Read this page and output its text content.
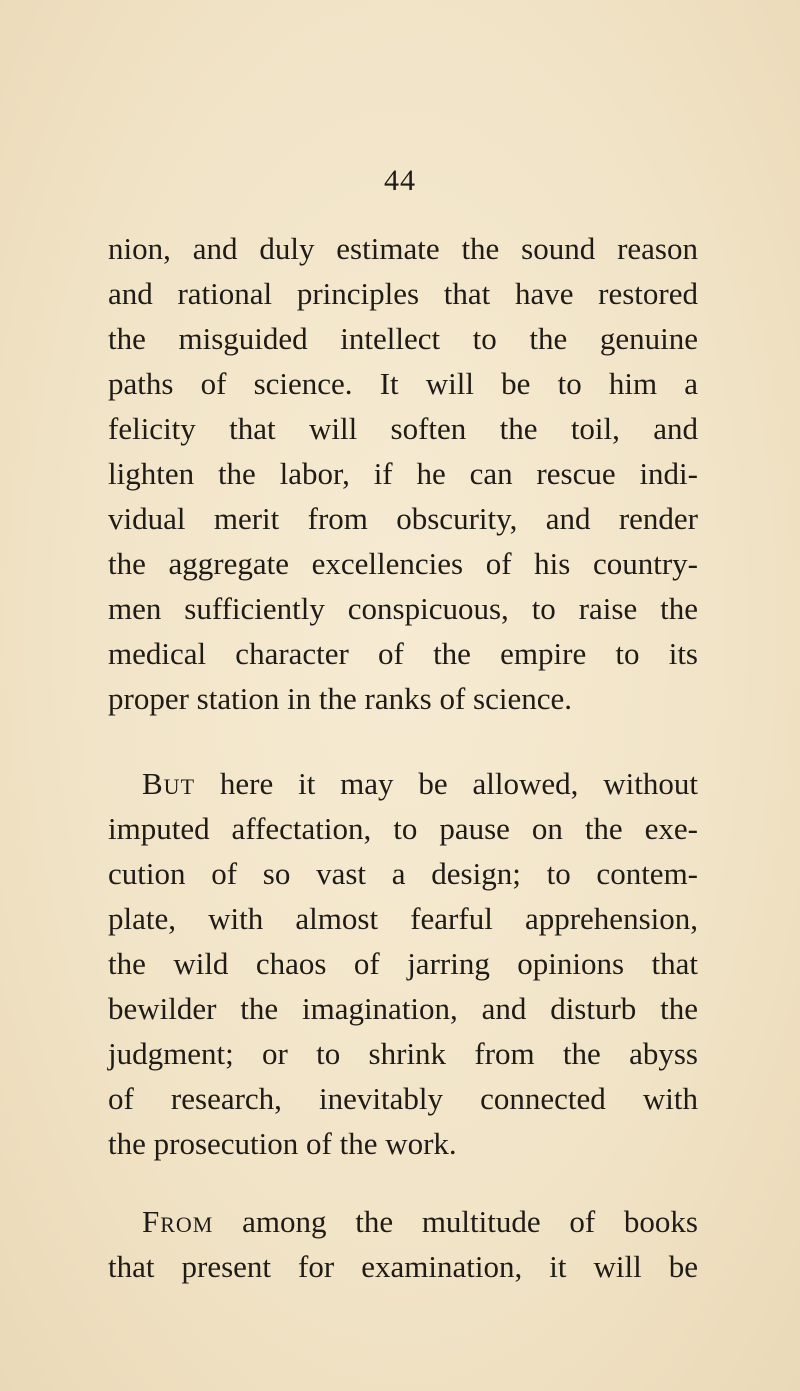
44
nion, and duly estimate the sound reason
and rational principles that have restored
the misguided intellect to the genuine
paths of science. It will be to him a
felicity that will soften the toil, and
lighten the labor, if he can rescue indi-
vidual merit from obscurity, and render
the aggregate excellencies of his country-
men sufficiently conspicuous, to raise the
medical character of the empire to its
proper station in the ranks of science.
But here it may be allowed, without
imputed affectation, to pause on the exe-
cution of so vast a design; to contem-
plate, with almost fearful apprehension,
the wild chaos of jarring opinions that
bewilder the imagination, and disturb the
judgment; or to shrink from the abyss
of research, inevitably connected with
the prosecution of the work.
From among the multitude of books
that present for examination, it will be
